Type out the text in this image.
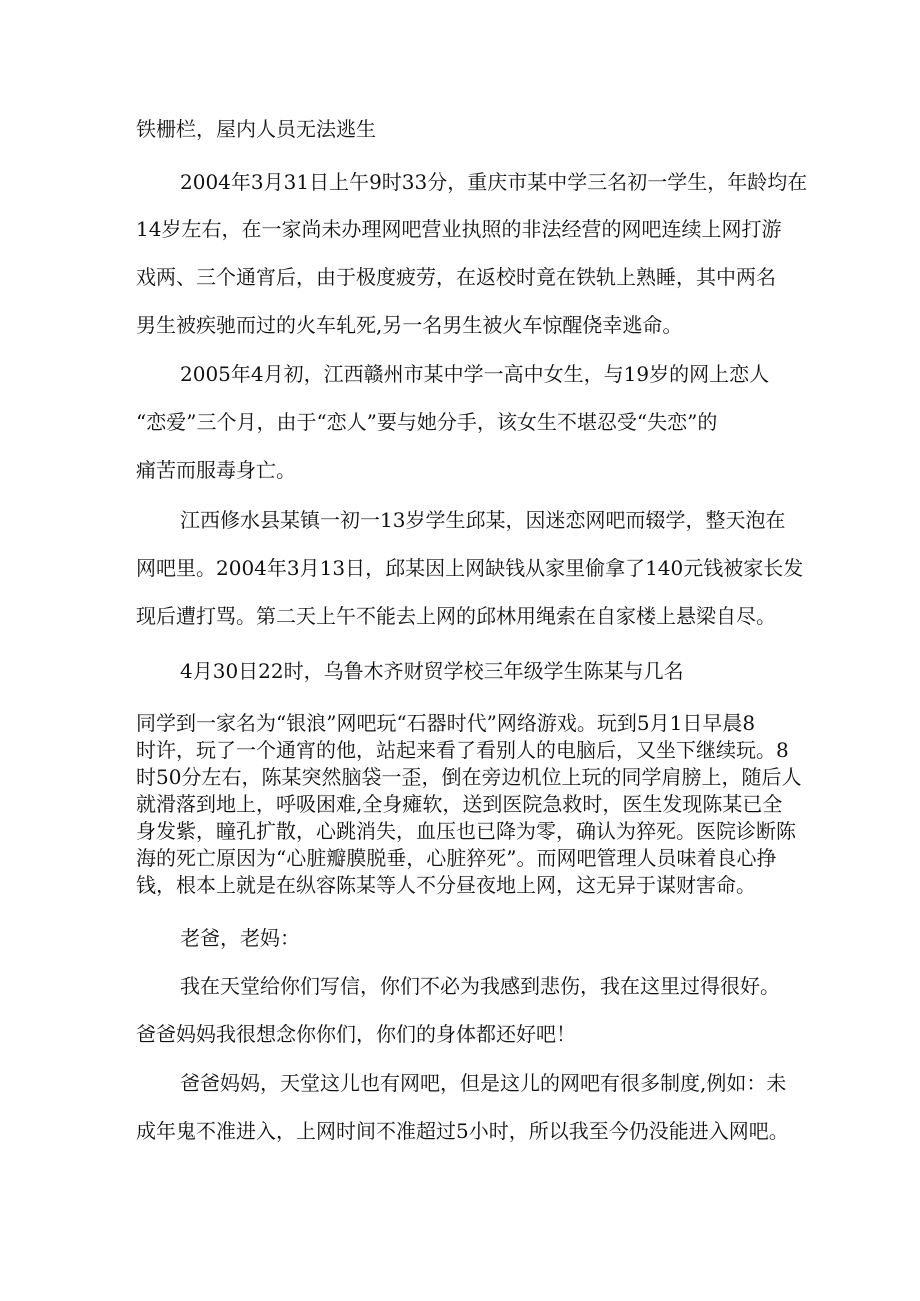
铁栅栏，屋内人员无法逃生
2004年3月31日上午9时33分，重庆市某中学三名初一学生，年龄均在
14岁左右，在一家尚未办理网吧营业执照的非法经营的网吧连续上网打游
戏两、三个通宵后，由于极度疲劳，在返校时竟在铁轨上熟睡，其中两名
男生被疾驰而过的火车轧死,另一名男生被火车惊醒侥幸逃命。
2005年4月初，江西赣州市某中学一高中女生，与19岁的网上恋人
“恋爱”三个月，由于“恋人”要与她分手，该女生不堪忍受“失恋”的
痛苦而服毒身亡。
江西修水县某镇一初一13岁学生邱某，因迷恋网吧而辍学，整天泡在
网吧里。2004年3月13日，邱某因上网缺钱从家里偷拿了140元钱被家长发
现后遭打骂。第二天上午不能去上网的邱林用绳索在自家楼上悬梁自尽。
4月30日22时，乌鲁木齐财贸学校三年级学生陈某与几名
同学到一家名为“银浪”网吧玩“石器时代”网络游戏。玩到5月1日早晨8
时许，玩了一个通宵的他，站起来看了看别人的电脑后，又坐下继续玩。8
时50分左右，陈某突然脑袋一歪，倒在旁边机位上玩的同学肩膀上，随后人
就滑落到地上，呼吸困难,全身瘫软，送到医院急救时，医生发现陈某已全
身发紫，瞳孔扩散，心跳消失，血压也已降为零，确认为猝死。医院诊断陈
海的死亡原因为“心脏瓣膜脱垂，心脏猝死”。而网吧管理人员味着良心挣
钱，根本上就是在纵容陈某等人不分昼夜地上网，这无异于谋财害命。
老爸，老妈：
我在天堂给你们写信，你们不必为我感到悲伤，我在这里过得很好。
爸爸妈妈我很想念你你们，你们的身体都还好吧！
爸爸妈妈，天堂这儿也有网吧，但是这儿的网吧有很多制度,例如：未
成年鬼不准进入，上网时间不准超过5小时，所以我至今仍没能进入网吧。
